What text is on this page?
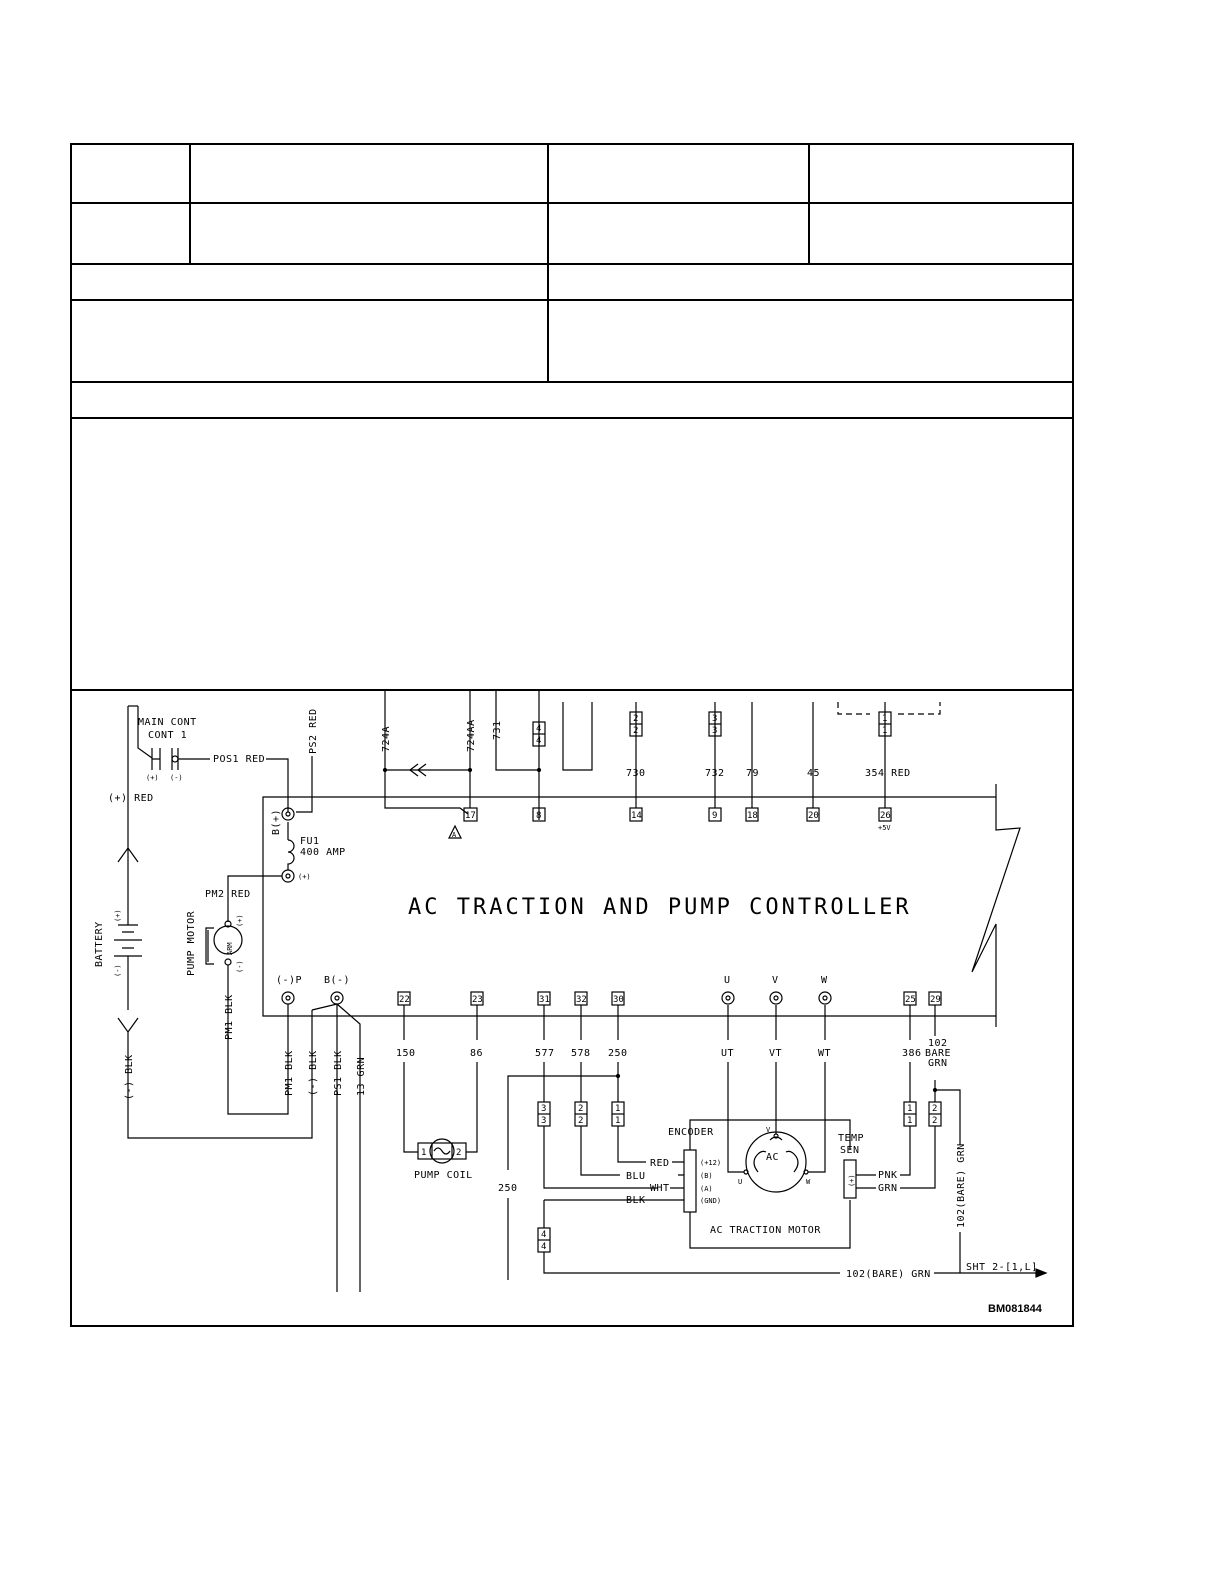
AC TRACTION AND PUMP CONTROLLER
BM081844
MAIN CONT
CONT 1
(+) (-)
POS1 RED
PS2 RED
(+) RED
BATTERY
(+)
(-)
(-) BLK
B(+)
FU1
400 AMP
(+)
PM2 RED
PUMP MOTOR	ARM
(+)
(-)
PM1 BLK
(-)P B(-)
PM1 BLK (-) BLK PS1 BLK 13 GRN
724A	724AA 731
730	732 79	45	354 RED
A
+5V
17	8	14	9	18	20	26
4
4
2
2
3
3
1
1
22	23	31	32	30	25 29
U	V	W
150	86	577 578 250
250
UT	VT	WT	386
102
BARE
GRN
102(BARE) GRN
102(BARE) GRN
SHT 2-[1,L]
3
3
2
2
1
1
4
4
1
1
2
2
PUMP COIL
1	2
ENCODER
(+12)
(B)
(A)
(GND)
RED
BLU
WHT
BLK
AC
U
V
W
AC TRACTION MOTOR
TEMP
SEN
(+) PNK
GRN
